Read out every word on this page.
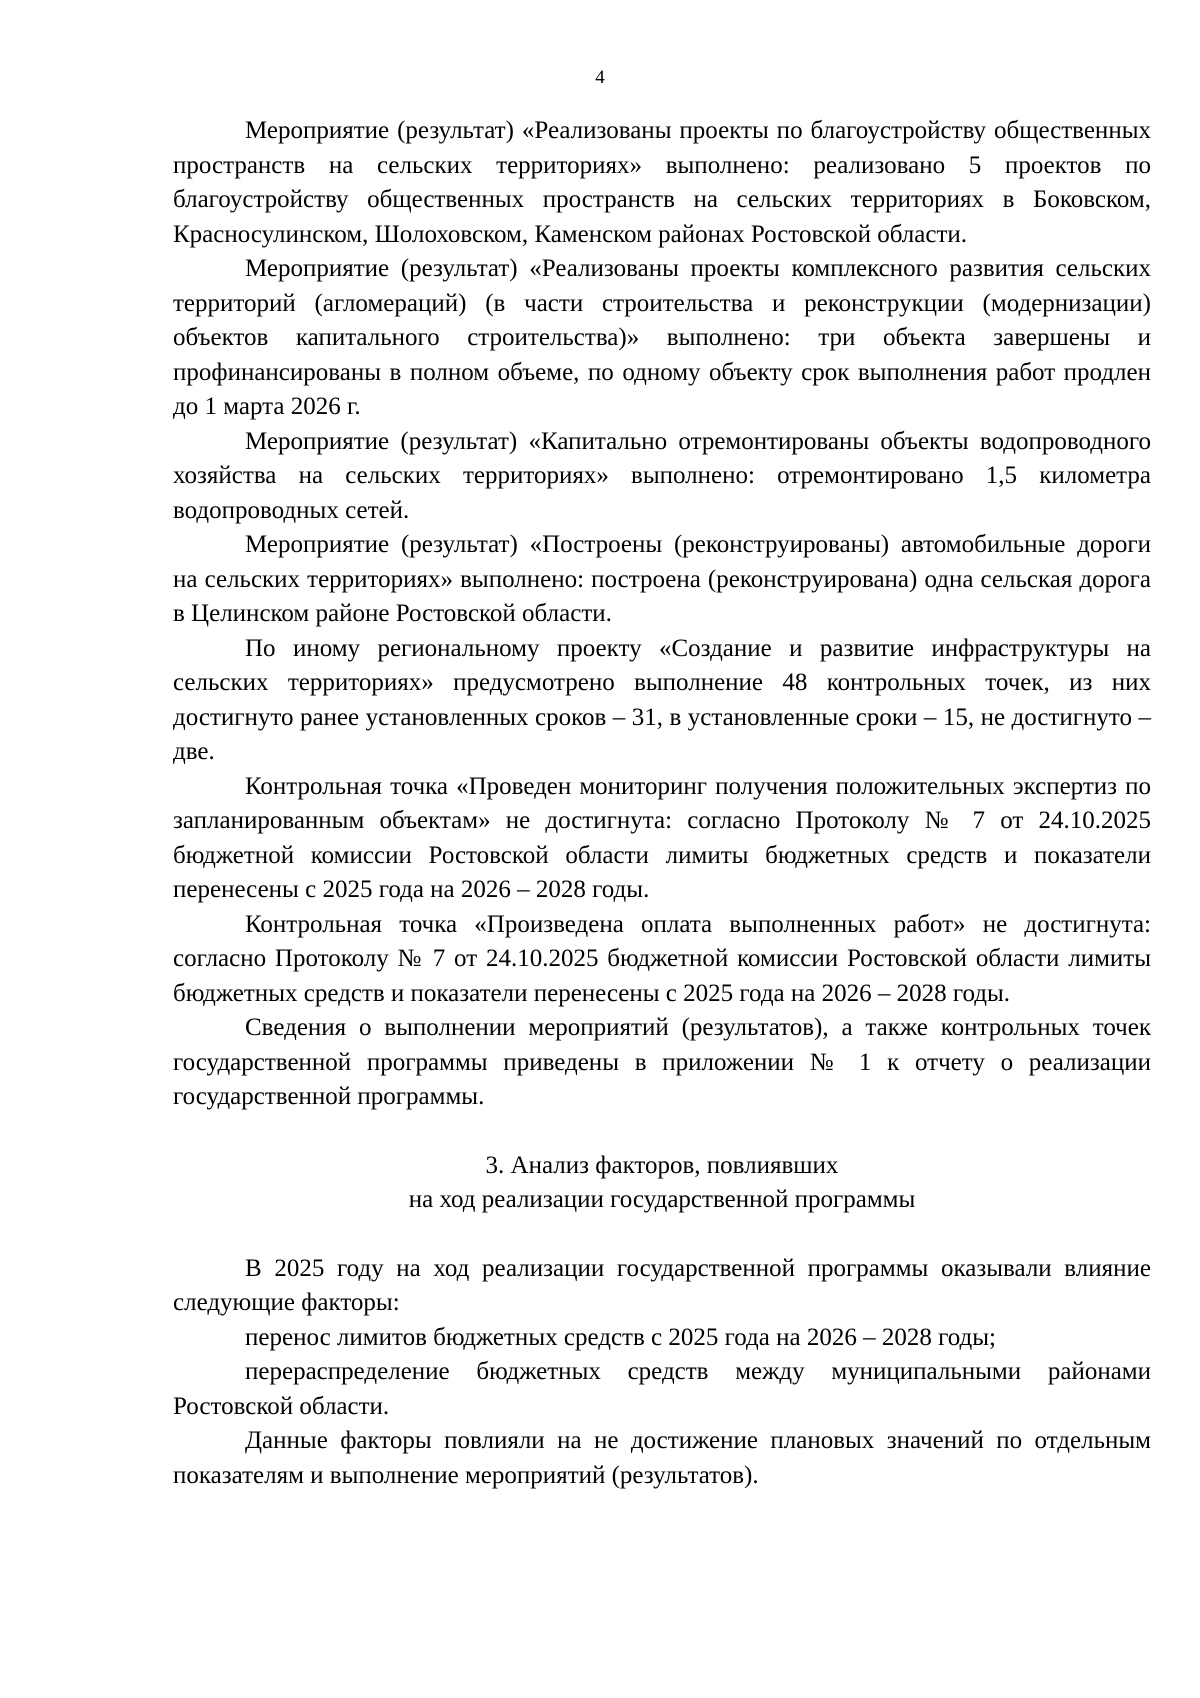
4

Мероприятие (результат) «Реализованы проекты по благоустройству общественных пространств на сельских территориях» выполнено: реализовано 5 проектов по благоустройству общественных пространств на сельских территориях в Боковском, Красносулинском, Шолоховском, Каменском районах Ростовской области.

Мероприятие (результат) «Реализованы проекты комплексного развития сельских территорий (агломераций) (в части строительства и реконструкции (модернизации) объектов капитального строительства)» выполнено: три объекта завершены и профинансированы в полном объеме, по одному объекту срок выполнения работ продлен до 1 марта 2026 г.

Мероприятие (результат) «Капитально отремонтированы объекты водопроводного хозяйства на сельских территориях» выполнено: отремонтировано 1,5 километра водопроводных сетей.

Мероприятие (результат) «Построены (реконструированы) автомобильные дороги на сельских территориях» выполнено: построена (реконструирована) одна сельская дорога в Целинском районе Ростовской области.

По иному региональному проекту «Создание и развитие инфраструктуры на сельских территориях» предусмотрено выполнение 48 контрольных точек, из них достигнуто ранее установленных сроков – 31, в установленные сроки – 15, не достигнуто – две.

Контрольная точка «Проведен мониторинг получения положительных экспертиз по запланированным объектам» не достигнута: согласно Протоколу № 7 от 24.10.2025 бюджетной комиссии Ростовской области лимиты бюджетных средств и показатели перенесены с 2025 года на 2026 – 2028 годы.

Контрольная точка «Произведена оплата выполненных работ» не достигнута: согласно Протоколу № 7 от 24.10.2025 бюджетной комиссии Ростовской области лимиты бюджетных средств и показатели перенесены с 2025 года на 2026 – 2028 годы.

Сведения о выполнении мероприятий (результатов), а также контрольных точек государственной программы приведены в приложении № 1 к отчету о реализации государственной программы.

3. Анализ факторов, повлиявших

на ход реализации государственной программы

В 2025 году на ход реализации государственной программы оказывали влияние следующие факторы:

перенос лимитов бюджетных средств с 2025 года на 2026 – 2028 годы;

перераспределение бюджетных средств между муниципальными районами Ростовской области.

Данные факторы повлияли на не достижение плановых значений по отдельным показателям и выполнение мероприятий (результатов).
